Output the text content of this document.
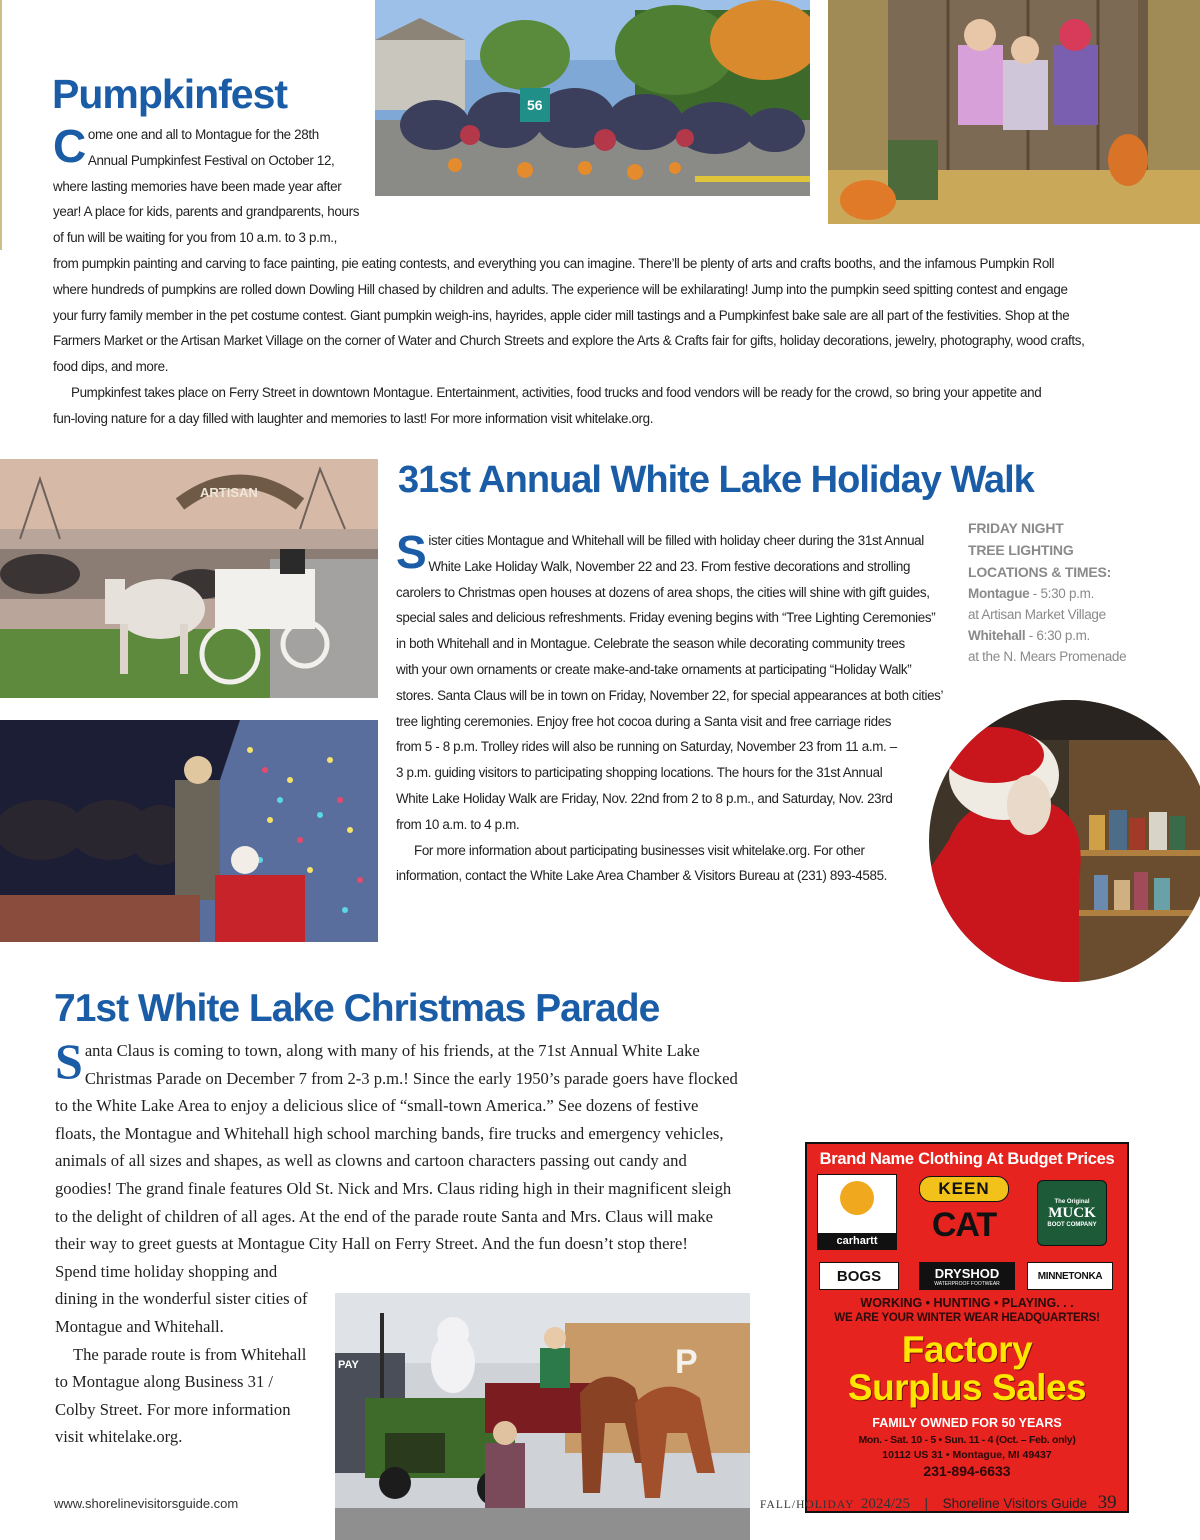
Pumpkinfest	56
C ome one and all to Montague for the 28th
Annual Pumpkinfest Festival on October 12,
where lasting memories have been made year after
year! A place for kids, parents and grandparents, hours
of fun will be waiting for you from 10 a.m. to 3 p.m.,
from pumpkin painting and carving to face painting, pie eating contests, and everything you can imagine. There’ll be plenty of arts and crafts booths, and the infamous Pumpkin Roll
where hundreds of pumpkins are rolled down Dowling Hill chased by children and adults. The experience will be exhilarating! Jump into the pumpkin seed spitting contest and engage
your furry family member in the pet costume contest. Giant pumpkin weigh-ins, hayrides, apple cider mill tastings and a Pumpkinfest bake sale are all part of the festivities. Shop at the
Farmers Market or the Artisan Market Village on the corner of Water and Church Streets and explore the Arts & Crafts fair for gifts, holiday decorations, jewelry, photography, wood crafts,
food dips, and more.
Pumpkinfest takes place on Ferry Street in downtown Montague. Entertainment, activities, food trucks and food vendors will be ready for the crowd, so bring your appetite and
fun-loving nature for a day filled with laughter and memories to last! For more information visit whitelake.org.
ARTISAN	31st Annual White Lake Holiday Walk
S ister cities Montague and Whitehall will be filled with holiday cheer during the 31st Annual
White Lake Holiday Walk, November 22 and 23. From festive decorations and strolling
carolers to Christmas open houses at dozens of area shops, the cities will shine with gift guides,
special sales and delicious refreshments. Friday evening begins with “Tree Lighting Ceremonies”
in both Whitehall and in Montague. Celebrate the season while decorating community trees
with your own ornaments or create make-and-take ornaments at participating “Holiday Walk”
stores. Santa Claus will be in town on Friday, November 22, for special appearances at both cities’
tree lighting ceremonies. Enjoy free hot cocoa during a Santa visit and free carriage rides
from 5 - 8 p.m. Trolley rides will also be running on Saturday, November 23 from 11 a.m. –
3 p.m. guiding visitors to participating shopping locations. The hours for the 31st Annual
White Lake Holiday Walk are Friday, Nov. 22nd from 2 to 8 p.m., and Saturday, Nov. 23rd
from 10 a.m. to 4 p.m.
For more information about participating businesses visit whitelake.org. For other
information, contact the White Lake Area Chamber & Visitors Bureau at (231) 893-4585.
FRIDAY NIGHT
TREE LIGHTING
LOCATIONS & TIMES:
Montague - 5:30 p.m.
at Artisan Market Village
Whitehall - 6:30 p.m.
at the N. Mears Promenade
71st White Lake Christmas Parade
S anta Claus is coming to town, along with many of his friends, at the 71st Annual White Lake
Christmas Parade on December 7 from 2-3 p.m.! Since the early 1950’s parade goers have flocked
to the White Lake Area to enjoy a delicious slice of “small-town America.” See dozens of festive
floats, the Montague and Whitehall high school marching bands, fire trucks and emergency vehicles,
animals of all sizes and shapes, as well as clowns and cartoon characters passing out candy and
goodies! The grand finale features Old St. Nick and Mrs. Claus riding high in their magnificent sleigh
to the delight of children of all ages. At the end of the parade route Santa and Mrs. Claus will make
their way to greet guests at Montague City Hall on Ferry Street. And the fun doesn’t stop there!
Spend time holiday shopping and
dining in the wonderful sister cities of
Montague and Whitehall.
The parade route is from Whitehall
to Montague along Business 31 /
Colby Street. For more information
visit whitelake.org.
P
PAY
Brand Name Clothing At Budget Prices
carhartt
KEEN
CAT
The Original
MUCK
BOOT COMPANY
BOGS	DRYSHOD
WATERPROOF FOOTWEAR
MINNETONKA
WORKING • HUNTING • PLAYING. . .
WE ARE YOUR WINTER WEAR HEADQUARTERS!
Factory
Surplus Sales
FAMILY OWNED FOR 50 YEARS
Mon. - Sat. 10 - 5 • Sun. 11 - 4 (Oct. – Feb. only)
10112 US 31 • Montague, MI 49437
231-894-6633
www.shorelinevisitorsguide.com	FALL/HOLIDAY 2024/25 | Shoreline Visitors Guide 39
